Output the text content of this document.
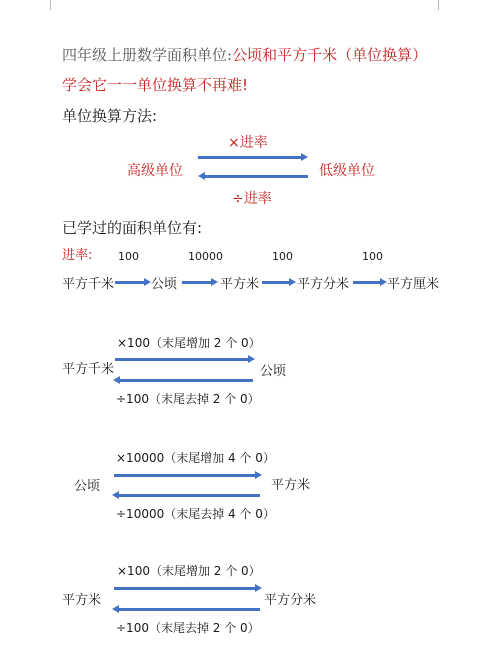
四年级上册数学面积单位:公顷和平方千米（单位换算）
学会它一一单位换算不再难!
单位换算方法:
×进率
高级单位	低级单位
÷进率
已学过的面积单位有:
进率: 100	10000	100	100
平方千米	公顷	平方米	平方分米	平方厘米
×100（末尾增加 2 个 0）
平方千米	公顷
÷100（末尾去掉 2 个 0）
×10000（末尾增加 4 个 0）
公顷	平方米
÷10000（末尾去掉 4 个 0）
×100（末尾增加 2 个 0）
平方米	平方分米
÷100（末尾去掉 2 个 0）
